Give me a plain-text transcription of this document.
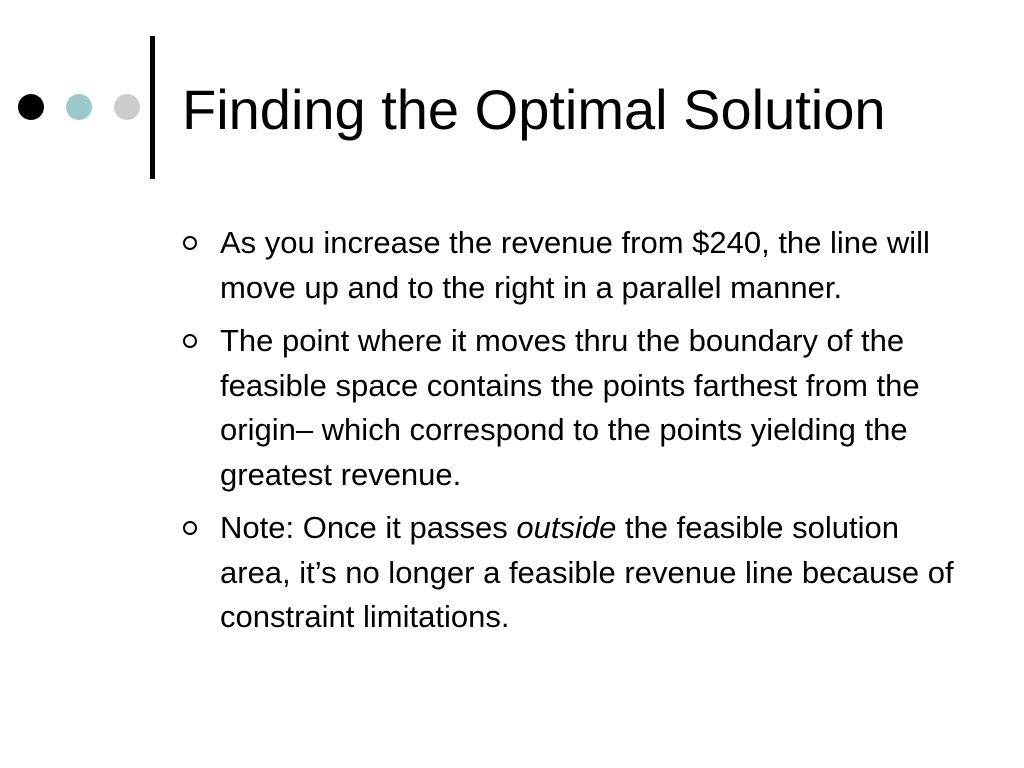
Finding the Optimal Solution
As you increase the revenue from $240, the line will move up and to the right in a parallel manner.
The point where it moves thru the boundary of the feasible space contains the points farthest from the origin– which correspond to the points yielding the greatest revenue.
Note: Once it passes outside the feasible solution area, it’s no longer a feasible revenue line because of constraint limitations.
